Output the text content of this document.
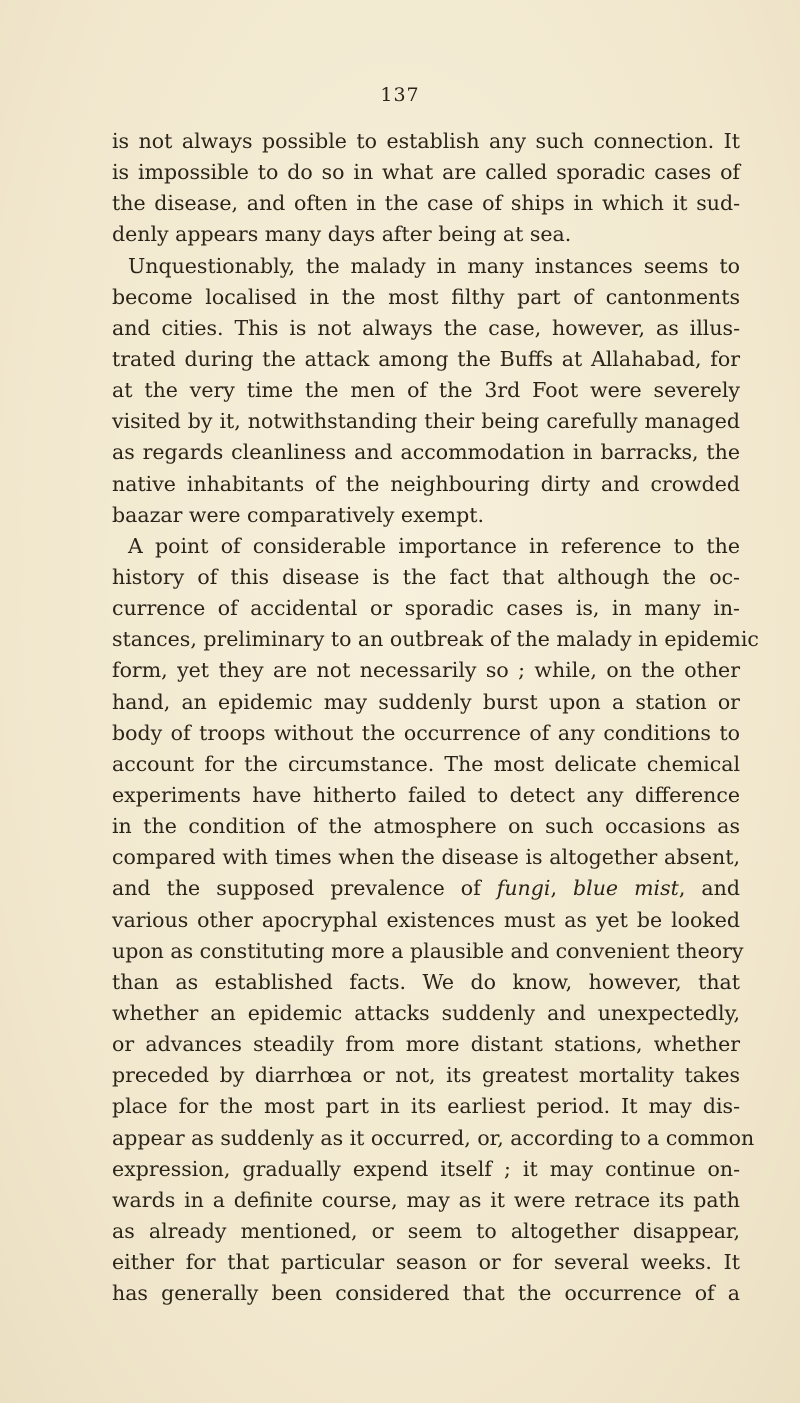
137
is not always possible to establish any such connection. It
is impossible to do so in what are called sporadic cases of
the disease, and often in the case of ships in which it sud-
denly appears many days after being at sea.
Unquestionably, the malady in many instances seems to
become localised in the most filthy part of cantonments
and cities. This is not always the case, however, as illus-
trated during the attack among the Buffs at Allahabad, for
at the very time the men of the 3rd Foot were severely
visited by it, notwithstanding their being carefully managed
as regards cleanliness and accommodation in barracks, the
native inhabitants of the neighbouring dirty and crowded
baazar were comparatively exempt.
A point of considerable importance in reference to the
history of this disease is the fact that although the oc-
currence of accidental or sporadic cases is, in many in-
stances, preliminary to an outbreak of the malady in epidemic
form, yet they are not necessarily so ; while, on the other
hand, an epidemic may suddenly burst upon a station or
body of troops without the occurrence of any conditions to
account for the circumstance. The most delicate chemical
experiments have hitherto failed to detect any difference
in the condition of the atmosphere on such occasions as
compared with times when the disease is altogether absent,
and the supposed prevalence of fungi, blue mist, and
various other apocryphal existences must as yet be looked
upon as constituting more a plausible and convenient theory
than as established facts. We do know, however, that
whether an epidemic attacks suddenly and unexpectedly,
or advances steadily from more distant stations, whether
preceded by diarrhœa or not, its greatest mortality takes
place for the most part in its earliest period. It may dis-
appear as suddenly as it occurred, or, according to a common
expression, gradually expend itself ; it may continue on-
wards in a definite course, may as it were retrace its path
as already mentioned, or seem to altogether disappear,
either for that particular season or for several weeks. It
has generally been considered that the occurrence of a
